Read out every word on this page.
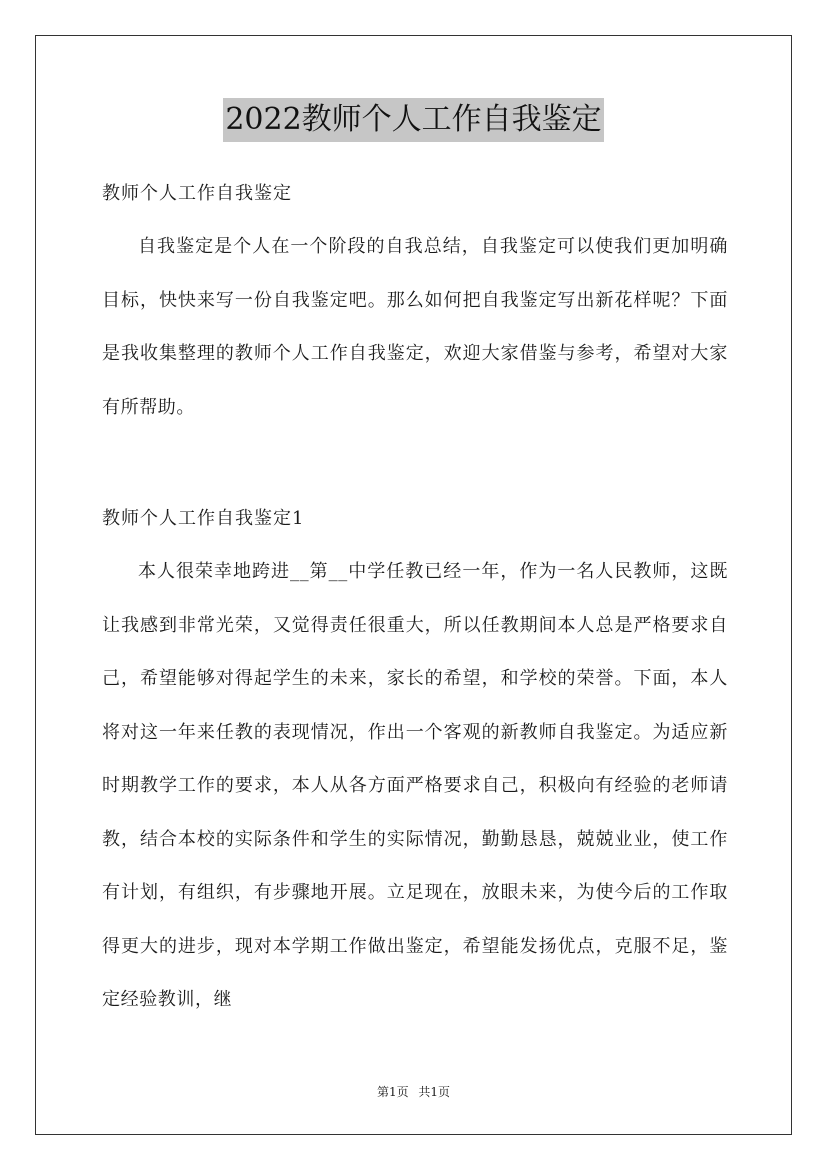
2022教师个人工作自我鉴定
教师个人工作自我鉴定

自我鉴定是个人在一个阶段的自我总结，自我鉴定可以使我们更加明确目标，快快来写一份自我鉴定吧。那么如何把自我鉴定写出新花样呢？下面是我收集整理的教师个人工作自我鉴定，欢迎大家借鉴与参考，希望对大家有所帮助。

教师个人工作自我鉴定1

本人很荣幸地跨进__第__中学任教已经一年，作为一名人民教师，这既让我感到非常光荣，又觉得责任很重大，所以任教期间本人总是严格要求自己，希望能够对得起学生的未来，家长的希望，和学校的荣誉。下面，本人将对这一年来任教的表现情况，作出一个客观的新教师自我鉴定。为适应新时期教学工作的要求，本人从各方面严格要求自己，积极向有经验的老师请教，结合本校的实际条件和学生的实际情况，勤勤恳恳，兢兢业业，使工作有计划，有组织，有步骤地开展。立足现在，放眼未来，为使今后的工作取得更大的进步，现对本学期工作做出鉴定，希望能发扬优点，克服不足，鉴定经验教训，继

第1页 共1页
